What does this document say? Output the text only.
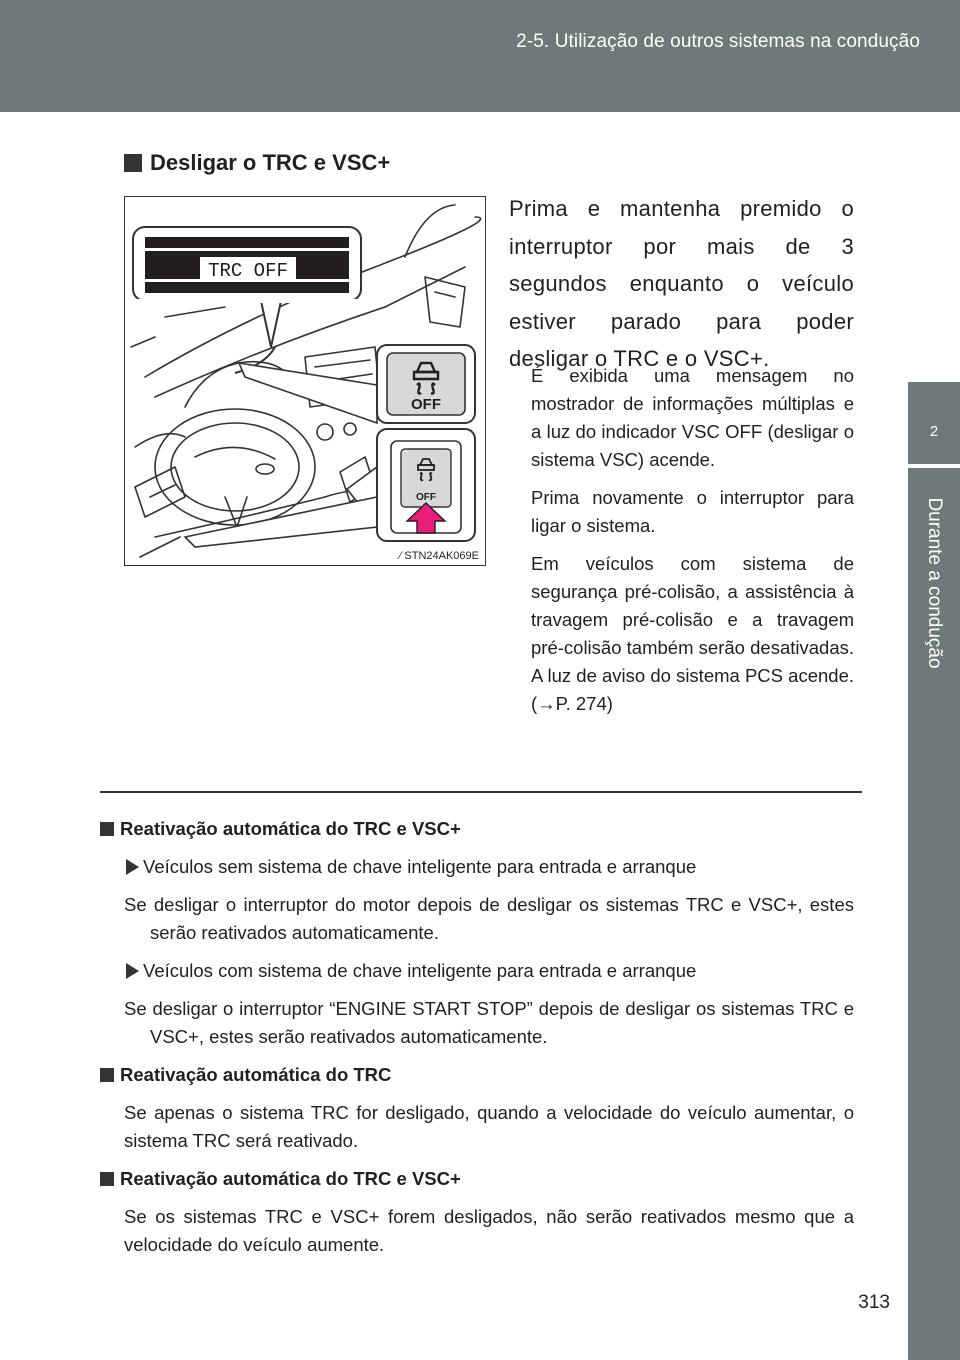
2-5. Utilização de outros sistemas na condução
2
Durante a condução
Desligar o TRC e VSC+
TRC OFF
OFF
OFF
⁄ STN24AK069E
Prima e mantenha premido o interruptor por mais de 3 segundos enquanto o veículo estiver parado para poder desligar o TRC e o VSC+.

É exibida uma mensagem no mostrador de informações múltiplas e a luz do indicador VSC OFF (desligar o sistema VSC) acende.

Prima novamente o interruptor para ligar o sistema.

Em veículos com sistema de segurança pré-colisão, a assistência à travagem pré-colisão e a travagem pré-colisão também serão desativadas. A luz de aviso do sistema PCS acende. (→P. 274)

Reativação automática do TRC e VSC+
Veículos sem sistema de chave inteligente para entrada e arranque
Se desligar o interruptor do motor depois de desligar os sistemas TRC e VSC+, estes serão reativados automaticamente.
Veículos com sistema de chave inteligente para entrada e arranque
Se desligar o interruptor “ENGINE START STOP” depois de desligar os sistemas TRC e VSC+, estes serão reativados automaticamente.
Reativação automática do TRC
Se apenas o sistema TRC for desligado, quando a velocidade do veículo aumentar, o sistema TRC será reativado.
Reativação automática do TRC e VSC+
Se os sistemas TRC e VSC+ forem desligados, não serão reativados mesmo que a velocidade do veículo aumente.
313
